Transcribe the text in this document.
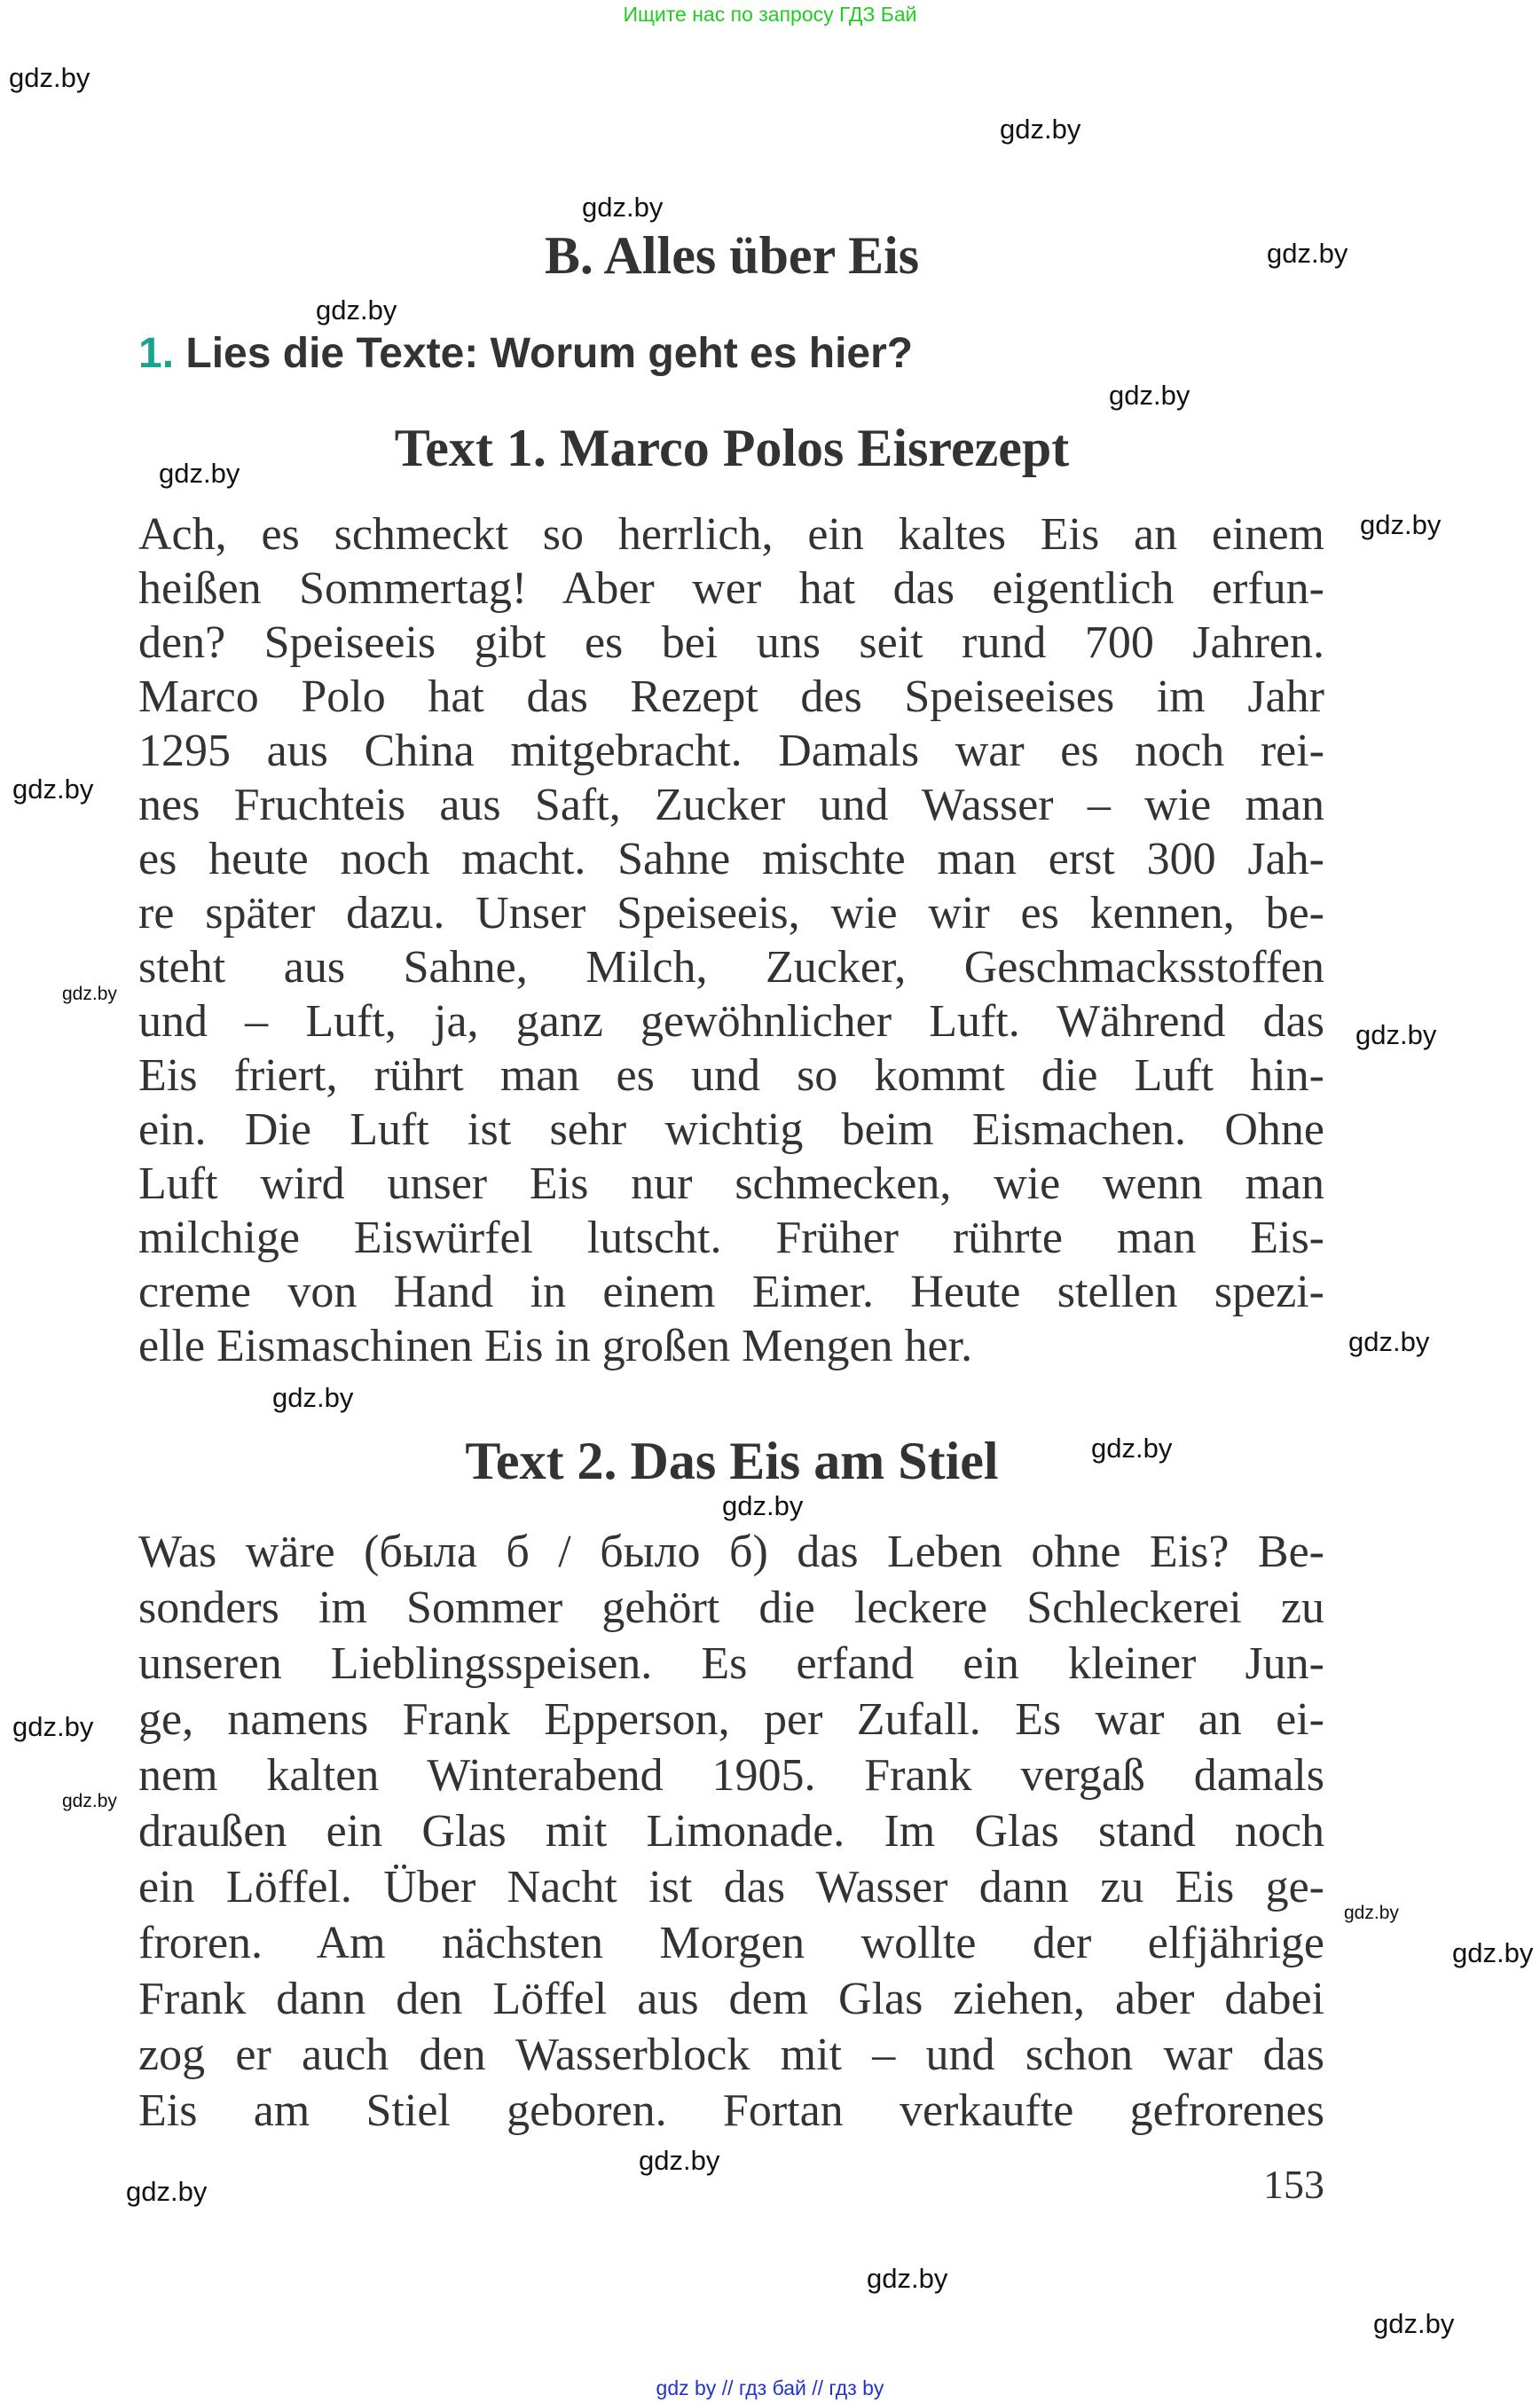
Ищите нас по запросу ГДЗ Бай
gdz.by
gdz.by
gdz.by
gdz.by
gdz.by
gdz.by
gdz.by
gdz.by
gdz.by
gdz.by
gdz.by
gdz.by
gdz.by
gdz.by
gdz.by
gdz.by
gdz.by
gdz.by
gdz.by
gdz.by
gdz.by
gdz.by
gdz.by
B. Alles über Eis
1. Lies die Texte: Worum geht es hier?
Text 1. Marco Polos Eisrezept
Ach, es schmeckt so herrlich, ein kaltes Eis an einem
heißen Sommertag! Aber wer hat das eigentlich erfun-
den? Speiseeis gibt es bei uns seit rund 700 Jahren.
Marco Polo hat das Rezept des Speiseeises im Jahr
1295 aus China mitgebracht. Damals war es noch rei-
nes Fruchteis aus Saft, Zucker und Wasser – wie man
es heute noch macht. Sahne mischte man erst 300 Jah-
re später dazu. Unser Speiseeis, wie wir es kennen, be-
steht aus Sahne, Milch, Zucker, Geschmacksstoffen
und – Luft, ja, ganz gewöhnlicher Luft. Während das
Eis friert, rührt man es und so kommt die Luft hin-
ein. Die Luft ist sehr wichtig beim Eismachen. Ohne
Luft wird unser Eis nur schmecken, wie wenn man
milchige Eiswürfel lutscht. Früher rührte man Eis-
creme von Hand in einem Eimer. Heute stellen spezi-
elle Eismaschinen Eis in großen Mengen her.
Text 2. Das Eis am Stiel
Was wäre (была б / было б) das Leben ohne Eis? Be-
sonders im Sommer gehört die leckere Schleckerei zu
unseren Lieblingsspeisen. Es erfand ein kleiner Jun-
ge, namens Frank Epperson, per Zufall. Es war an ei-
nem kalten Winterabend 1905. Frank vergaß damals
draußen ein Glas mit Limonade. Im Glas stand noch
ein Löffel. Über Nacht ist das Wasser dann zu Eis ge-
froren. Am nächsten Morgen wollte der elfjährige
Frank dann den Löffel aus dem Glas ziehen, aber dabei
zog er auch den Wasserblock mit – und schon war das
Eis am Stiel geboren. Fortan verkaufte gefrorenes
153
gdz by // гдз бай // гдз by
